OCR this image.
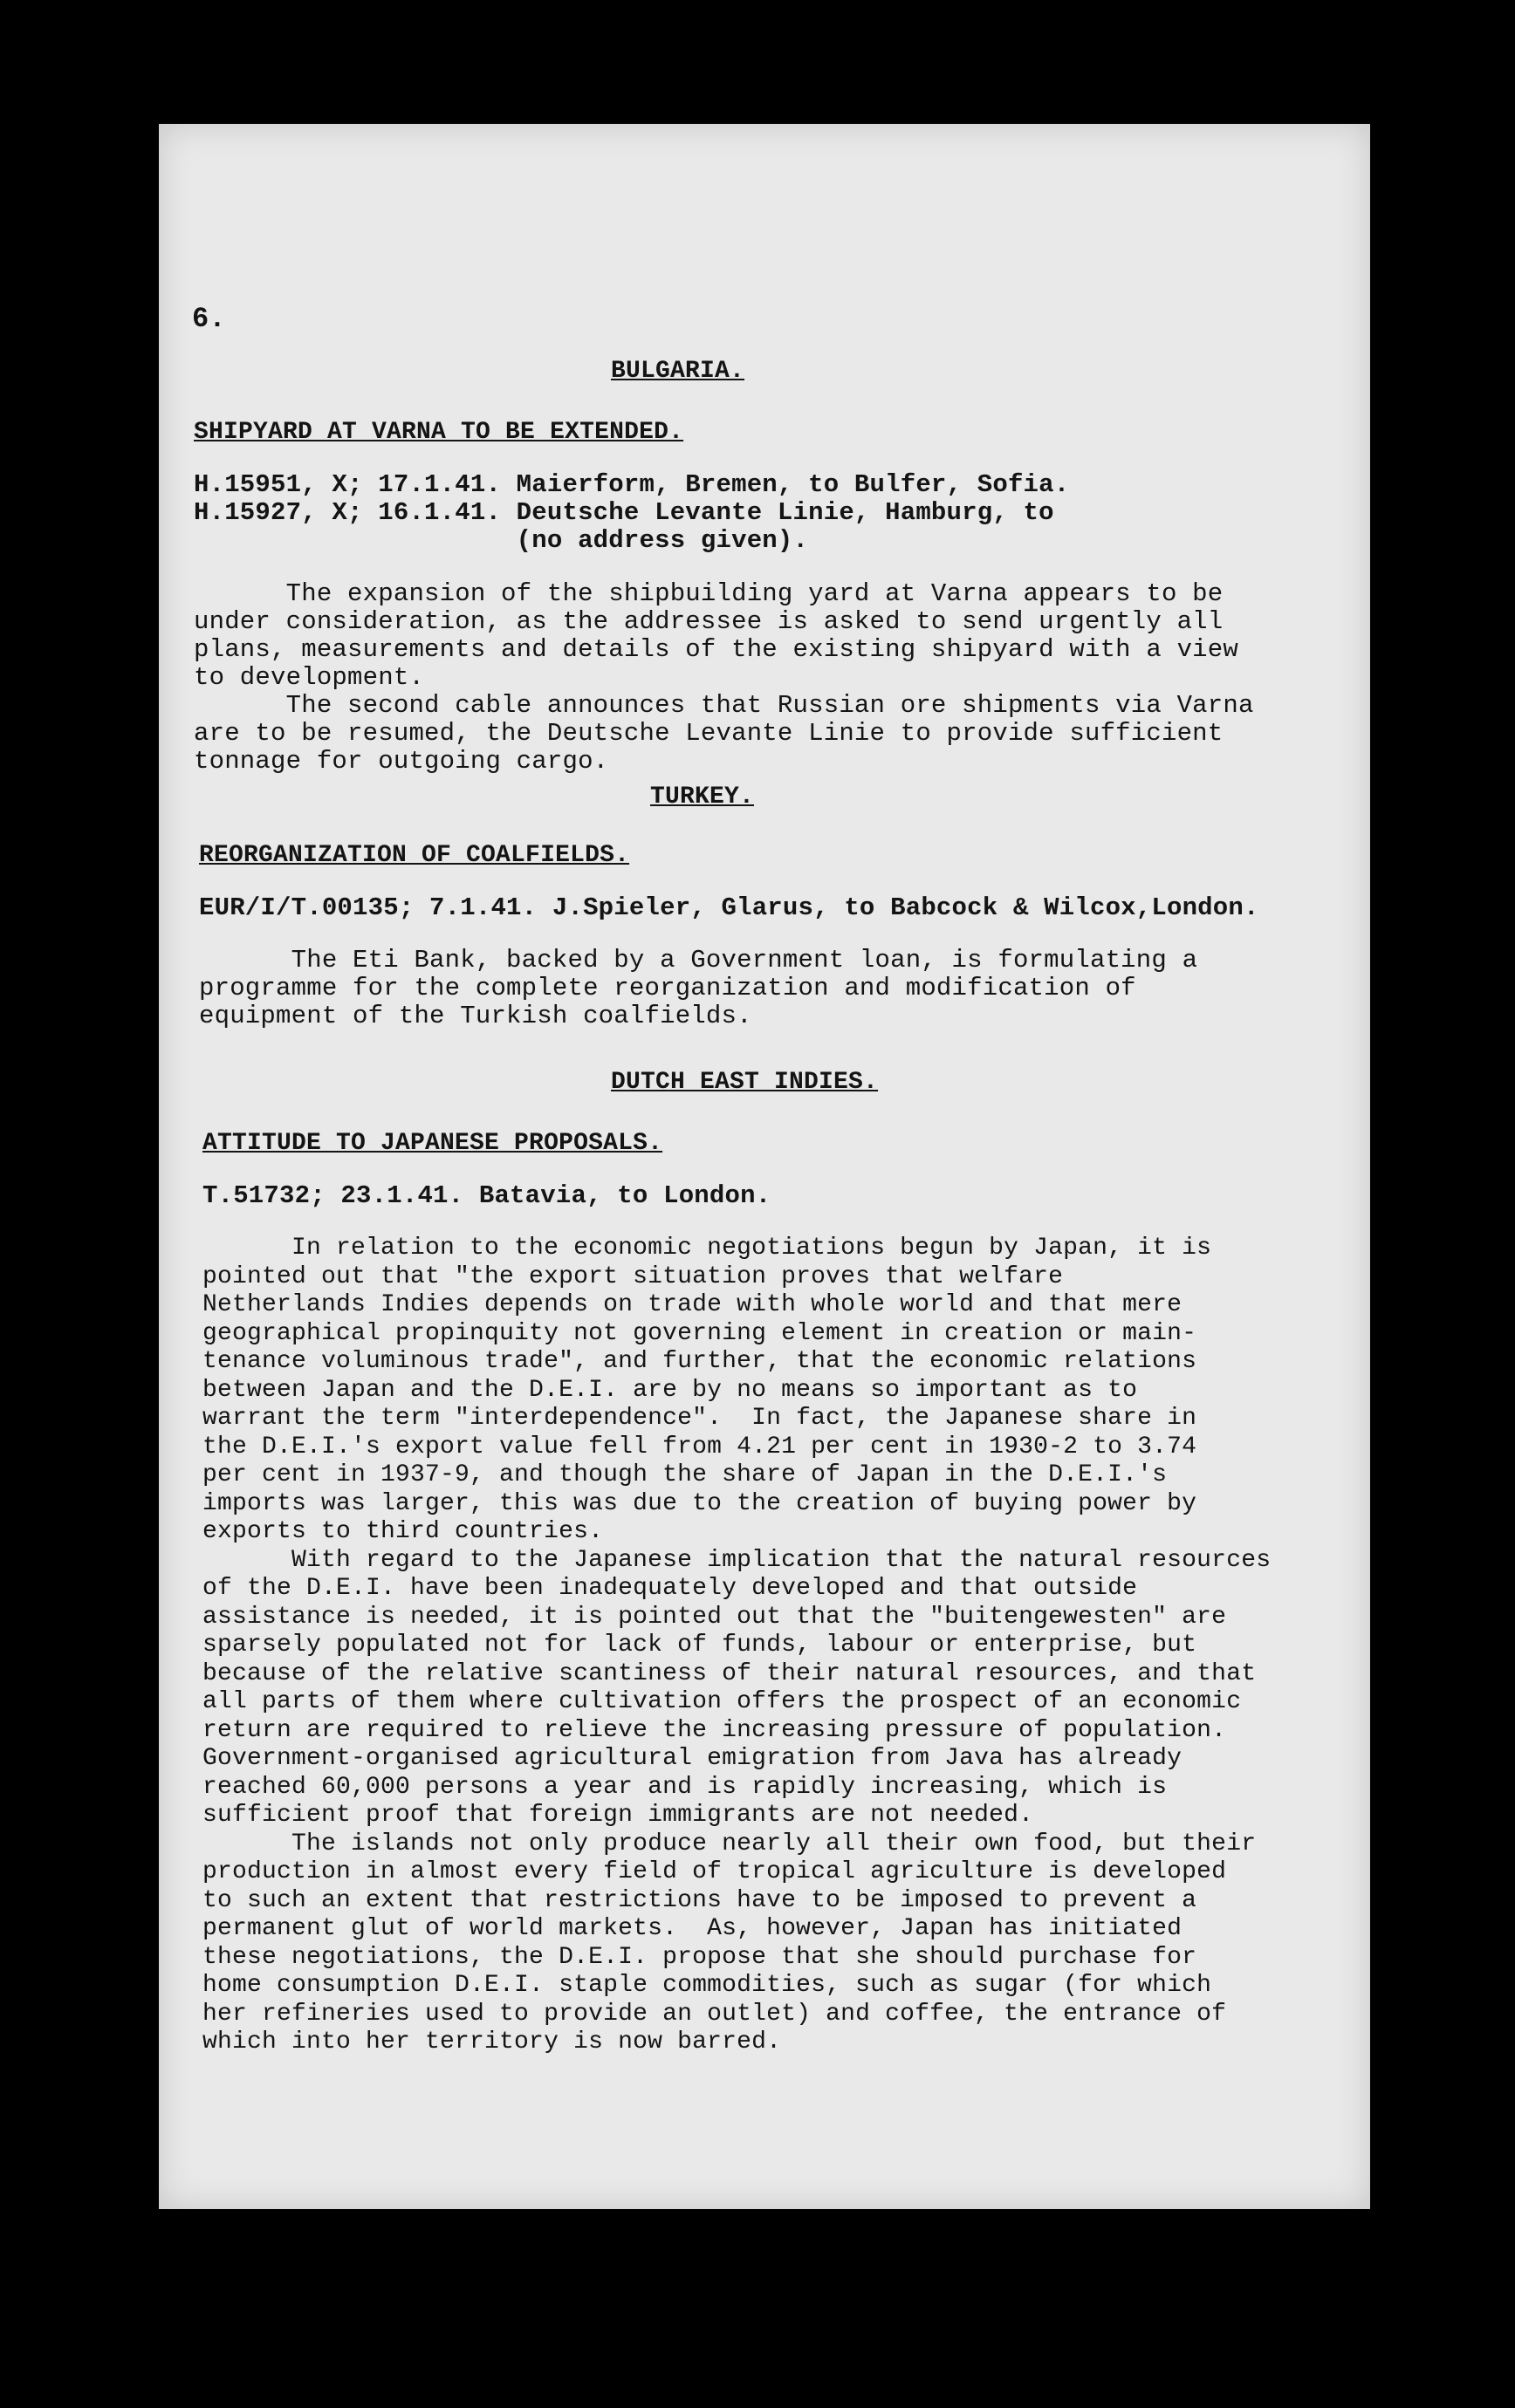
6.
BULGARIA.
SHIPYARD AT VARNA TO BE EXTENDED.
H.15951, X; 17.1.41. Maierform, Bremen, to Bulfer, Sofia.
H.15927, X; 16.1.41. Deutsche Levante Linie, Hamburg, to
(no address given).
The expansion of the shipbuilding yard at Varna appears to be
under consideration, as the addressee is asked to send urgently all
plans, measurements and details of the existing shipyard with a view
to development.
The second cable announces that Russian ore shipments via Varna
are to be resumed, the Deutsche Levante Linie to provide sufficient
tonnage for outgoing cargo.
TURKEY.
REORGANIZATION OF COALFIELDS.
EUR/I/T.00135; 7.1.41. J.Spieler, Glarus, to Babcock & Wilcox,London.
The Eti Bank, backed by a Government loan, is formulating a
programme for the complete reorganization and modification of
equipment of the Turkish coalfields.
DUTCH EAST INDIES.
ATTITUDE TO JAPANESE PROPOSALS.
T.51732; 23.1.41. Batavia, to London.
In relation to the economic negotiations begun by Japan, it is
pointed out that "the export situation proves that welfare
Netherlands Indies depends on trade with whole world and that mere
geographical propinquity not governing element in creation or main-
tenance voluminous trade", and further, that the economic relations
between Japan and the D.E.I. are by no means so important as to
warrant the term "interdependence".  In fact, the Japanese share in
the D.E.I.'s export value fell from 4.21 per cent in 1930-2 to 3.74
per cent in 1937-9, and though the share of Japan in the D.E.I.'s
imports was larger, this was due to the creation of buying power by
exports to third countries.
With regard to the Japanese implication that the natural resources
of the D.E.I. have been inadequately developed and that outside
assistance is needed, it is pointed out that the "buitengewesten" are
sparsely populated not for lack of funds, labour or enterprise, but
because of the relative scantiness of their natural resources, and that
all parts of them where cultivation offers the prospect of an economic
return are required to relieve the increasing pressure of population.
Government-organised agricultural emigration from Java has already
reached 60,000 persons a year and is rapidly increasing, which is
sufficient proof that foreign immigrants are not needed.
The islands not only produce nearly all their own food, but their
production in almost every field of tropical agriculture is developed
to such an extent that restrictions have to be imposed to prevent a
permanent glut of world markets.  As, however, Japan has initiated
these negotiations, the D.E.I. propose that she should purchase for
home consumption D.E.I. staple commodities, such as sugar (for which
her refineries used to provide an outlet) and coffee, the entrance of
which into her territory is now barred.
